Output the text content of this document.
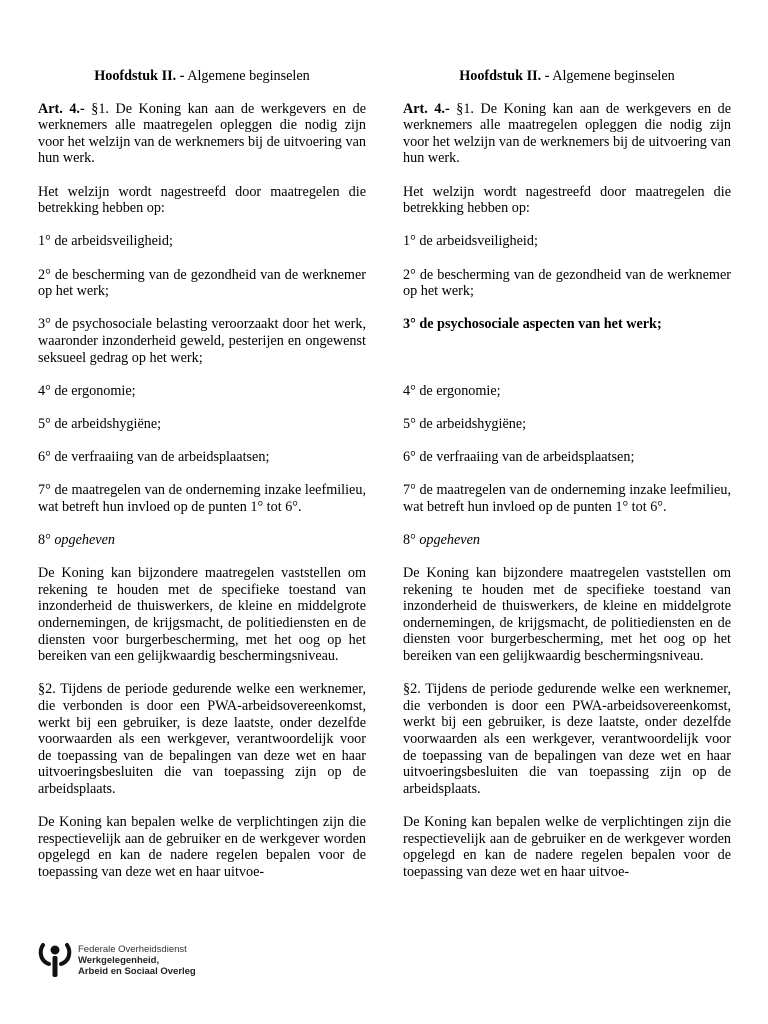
Hoofdstuk II. - Algemene beginselen

Art. 4.- §1. De Koning kan aan de werkgevers en de werknemers alle maatregelen opleggen die nodig zijn voor het welzijn van de werknemers bij de uitvoering van hun werk.

Het welzijn wordt nagestreefd door maatregelen die betrekking hebben op:

1° de arbeidsveiligheid;

2° de bescherming van de gezondheid van de werknemer op het werk;

3° de psychosociale belasting veroorzaakt door het werk, waaronder inzonderheid geweld, pesterijen en ongewenst seksueel gedrag op het werk;

4° de ergonomie;

5° de arbeidshygiëne;

6° de verfraaiing van de arbeidsplaatsen;

7° de maatregelen van de onderneming inzake leefmilieu, wat betreft hun invloed op de punten 1° tot 6°.

8° opgeheven

De Koning kan bijzondere maatregelen vaststellen om rekening te houden met de specifieke toestand van inzonderheid de thuiswerkers, de kleine en middelgrote ondernemingen, de krijgsmacht, de politiediensten en de diensten voor burgerbescherming, met het oog op het bereiken van een gelijkwaardig beschermingsniveau.

§2. Tijdens de periode gedurende welke een werknemer, die verbonden is door een PWA-arbeidsovereenkomst, werkt bij een gebruiker, is deze laatste, onder dezelfde voorwaarden als een werkgever, verantwoordelijk voor de toepassing van de bepalingen van deze wet en haar uitvoeringsbesluiten die van toepassing zijn op de arbeidsplaats.

De Koning kan bepalen welke de verplichtingen zijn die respectievelijk aan de gebruiker en de werkgever worden opgelegd en kan de nadere regelen bepalen voor de toepassing van deze wet en haar uitvoe-

Hoofdstuk II. - Algemene beginselen

Art. 4.- §1. De Koning kan aan de werkgevers en de werknemers alle maatregelen opleggen die nodig zijn voor het welzijn van de werknemers bij de uitvoering van hun werk.

Het welzijn wordt nagestreefd door maatregelen die betrekking hebben op:

1° de arbeidsveiligheid;

2° de bescherming van de gezondheid van de werknemer op het werk;

3° de psychosociale aspecten van het werk;

4° de ergonomie;

5° de arbeidshygiëne;

6° de verfraaiing van de arbeidsplaatsen;

7° de maatregelen van de onderneming inzake leefmilieu, wat betreft hun invloed op de punten 1° tot 6°.

8° opgeheven

De Koning kan bijzondere maatregelen vaststellen om rekening te houden met de specifieke toestand van inzonderheid de thuiswerkers, de kleine en middelgrote ondernemingen, de krijgsmacht, de politiediensten en de diensten voor burgerbescherming, met het oog op het bereiken van een gelijkwaardig beschermingsniveau.

§2. Tijdens de periode gedurende welke een werknemer, die verbonden is door een PWA-arbeidsovereenkomst, werkt bij een gebruiker, is deze laatste, onder dezelfde voorwaarden als een werkgever, verantwoordelijk voor de toepassing van de bepalingen van deze wet en haar uitvoeringsbesluiten die van toepassing zijn op de arbeidsplaats.

De Koning kan bepalen welke de verplichtingen zijn die respectievelijk aan de gebruiker en de werkgever worden opgelegd en kan de nadere regelen bepalen voor de toepassing van deze wet en haar uitvoe-

Federale Overheidsdienst
Werkgelegenheid,
Arbeid en Sociaal Overleg
